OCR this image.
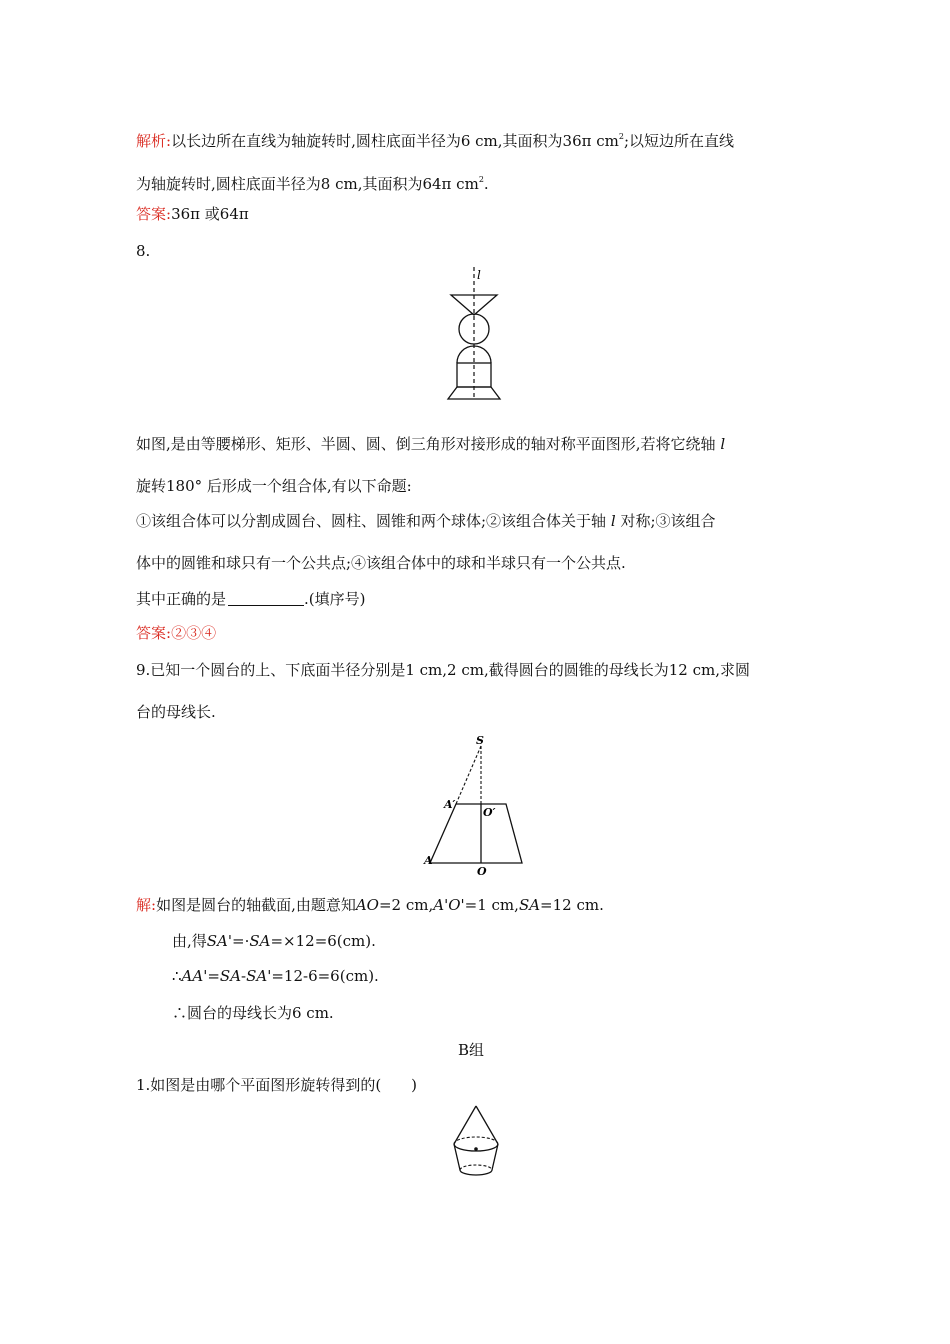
解析:以长边所在直线为轴旋转时,圆柱底面半径为6 cm,其面积为36π $cm^2$;以短边所在直线
为轴旋转时,圆柱底面半径为8 cm,其面积为64π $cm^2$.
答案:36π 或64π
8.
l
如图,是由等腰梯形、矩形、半圆、圆、倒三角形对接形成的轴对称平面图形,若将它绕轴 l
旋转180° 后形成一个组合体,有以下命题:
①该组合体可以分割成圆台、圆柱、圆锥和两个球体;②该组合体关于轴 l 对称;③该组合
体中的圆锥和球只有一个公共点;④该组合体中的球和半球只有一个公共点.
其中正确的是	.(填序号)
答案:②③④
9.已知一个圆台的上、下底面半径分别是1 cm,2 cm,截得圆台的圆锥的母线长为12 cm,求圆
台的母线长.
S
A′
O′
A
O
解:如图是圆台的轴截面,由题意知AO=2 cm,A'O'=1 cm,SA=12 cm.
由,得SA'=·SA=×12=6(cm).
∴AA'=SA-SA'=12-6=6(cm).
∴圆台的母线长为6 cm.
B组
1.如图是由哪个平面图形旋转得到的(　　)
